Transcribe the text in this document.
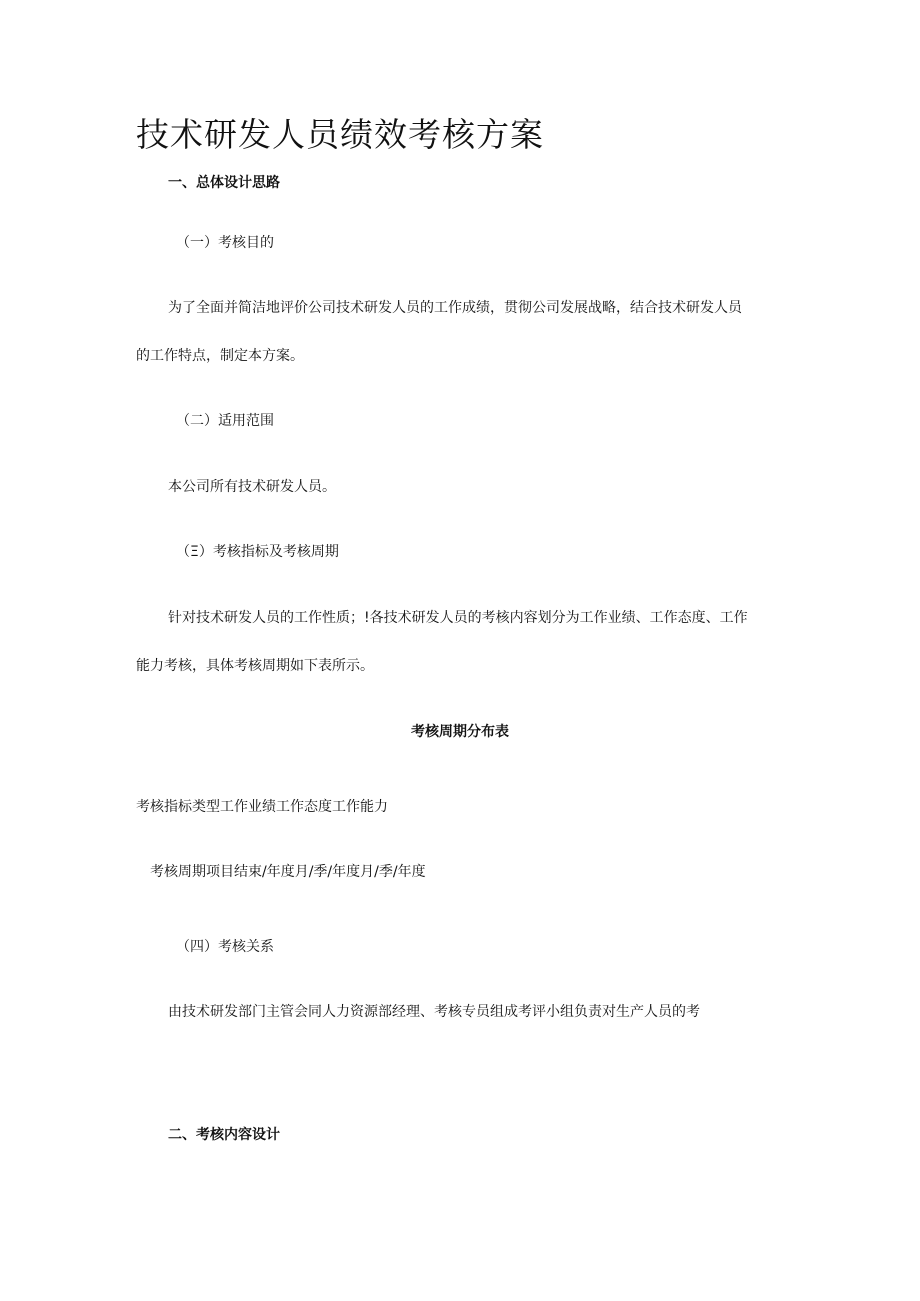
技术研发人员绩效考核方案
一、总体设计思路
（一）考核目的
为了全面并简洁地评价公司技术研发人员的工作成绩，贯彻公司发展战略，结合技术研发人员
的工作特点，制定本方案。
（二）适用范围
本公司所有技术研发人员。
（Ξ）考核指标及考核周期
针对技术研发人员的工作性质；!各技术研发人员的考核内容划分为工作业绩、工作态度、工作
能力考核，具体考核周期如下表所示。
考核周期分布表
考核指标类型工作业绩工作态度工作能力
考核周期项目结束/年度月/季/年度月/季/年度
（四）考核关系
由技术研发部门主管会同人力资源部经理、考核专员组成考评小组负责对生产人员的考
二、考核内容设计
